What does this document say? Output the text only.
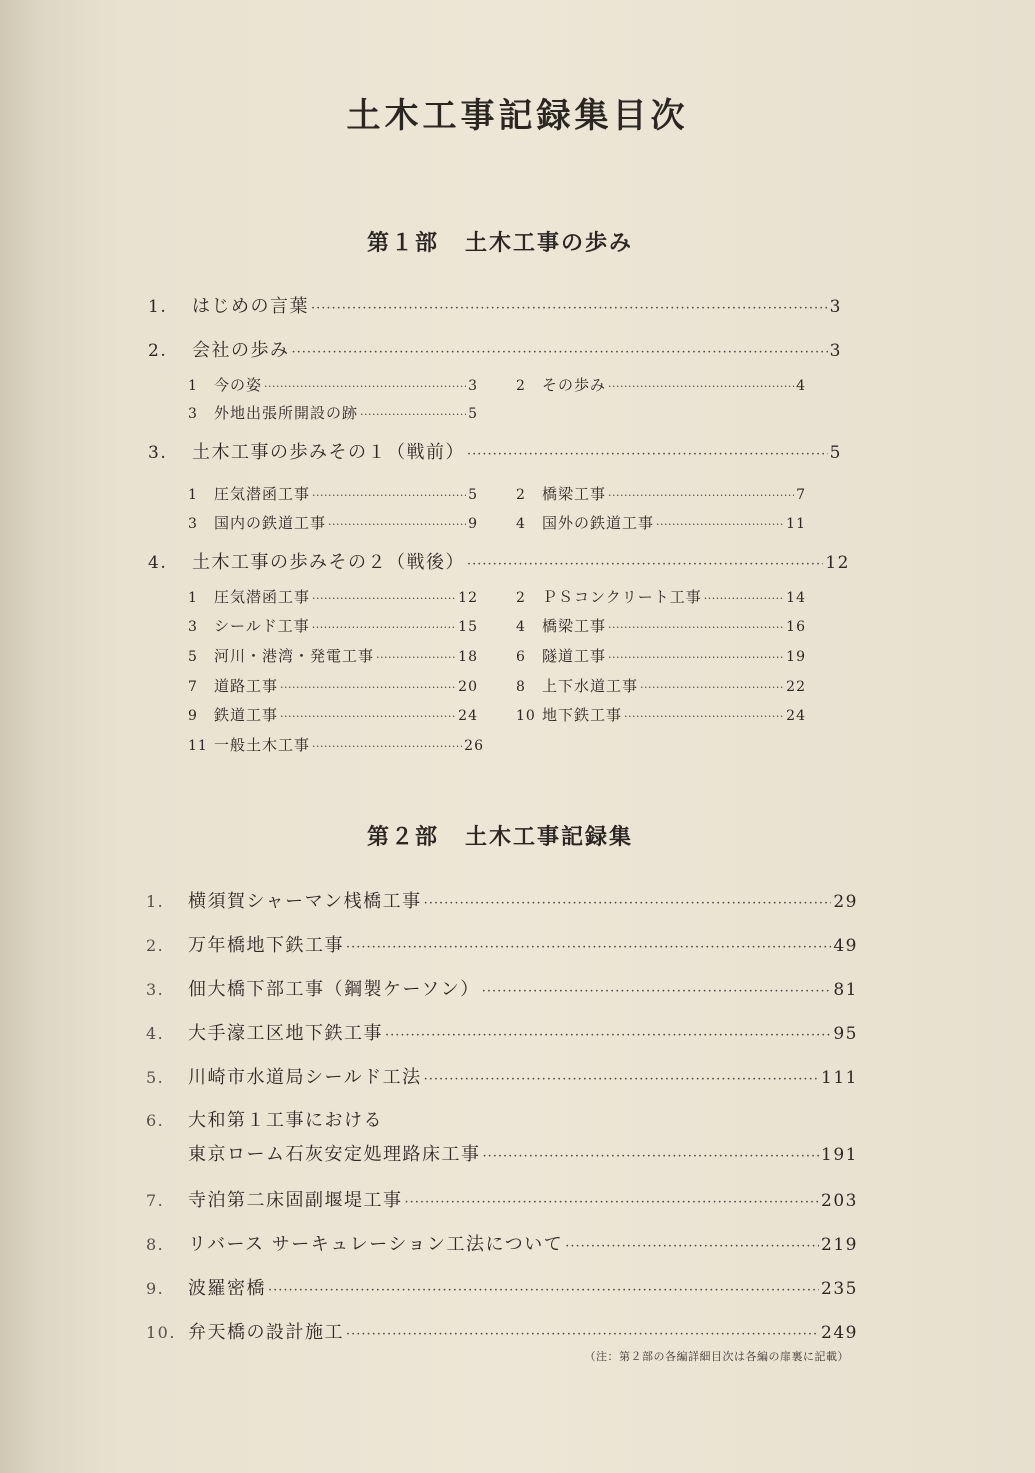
土木工事記録集目次
第１部 土木工事の歩み
1.	はじめの言葉 ·····	3
2.	会社の歩み ·····	3
1	今の姿 ·····	3	2	その歩み ·····	4
3	外地出張所開設の跡 ·····	5
3.	土木工事の歩みその１（戦前） ·····	5
1	圧気潜函工事 ·····	5	2	橋梁工事 ·····	7
3	国内の鉄道工事 ·····	9	4	国外の鉄道工事 ·····	11
4.	土木工事の歩みその２（戦後） ·····	12
1	圧気潜函工事 ·····	12	2	ＰＳコンクリート工事 ·····	14
3	シールド工事 ·····	15	4	橋梁工事 ·····	16
5	河川・港湾・発電工事 ·····	18	6	隧道工事 ·····	19
7	道路工事 ·····	20	8	上下水道工事 ·····	22
9	鉄道工事 ·····	24	10 地下鉄工事 ·····	24
11 一般土木工事 ·····	26
第２部 土木工事記録集
1.	横須賀シャーマン桟橋工事 ·····	29
2.	万年橋地下鉄工事 ·····	49
3.	佃大橋下部工事（鋼製ケーソン） ·····	81
4.	大手濠工区地下鉄工事 ·····	95
5.	川崎市水道局シールド工法 ·····	111
6.	大和第１工事における
東京ローム石灰安定処理路床工事 ·····	191
7.	寺泊第二床固副堰堤工事 ·····	203
8.	リバース サーキュレーション工法について ·····	219
9.	波羅密橋 ·····	235
10. 弁天橋の設計施工 ·····	249
（注：第２部の各編詳細目次は各編の扉裏に記載）
